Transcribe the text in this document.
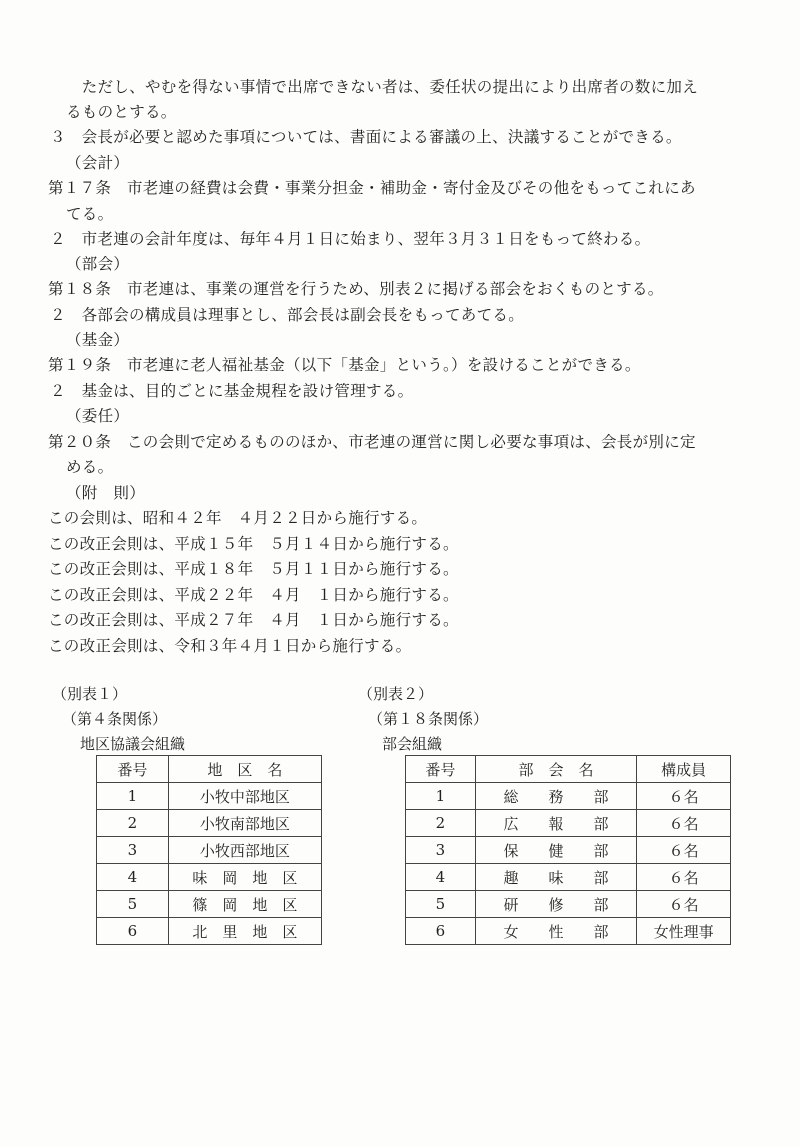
　ただし、やむを得ない事情で出席できない者は、委任状の提出により出席者の数に加え
るものとする。
３　会長が必要と認めた事項については、書面による審議の上、決議することができる。
（会計）
第１７条　市老連の経費は会費・事業分担金・補助金・寄付金及びその他をもってこれにあ
てる。
２　市老連の会計年度は、毎年４月１日に始まり、翌年３月３１日をもって終わる。
（部会）
第１８条　市老連は、事業の運営を行うため、別表２に掲げる部会をおくものとする。
２　各部会の構成員は理事とし、部会長は副会長をもってあてる。
（基金）
第１９条　市老連に老人福祉基金（以下「基金」という。）を設けることができる。
２　基金は、目的ごとに基金規程を設け管理する。
（委任）
第２０条　この会則で定めるもののほか、市老連の運営に関し必要な事項は、会長が別に定
める。
（附　則）
この会則は、昭和４２年　４月２２日から施行する。
この改正会則は、平成１５年　５月１４日から施行する。
この改正会則は、平成１８年　５月１１日から施行する。
この改正会則は、平成２２年　４月　１日から施行する。
この改正会則は、平成２７年　４月　１日から施行する。
この改正会則は、令和３年４月１日から施行する。
（別表１）
（第４条関係）
地区協議会組織
番号	地　区　名
1	小牧中部地区
2	小牧南部地区
3	小牧西部地区
4	味　岡　地　区
5	篠　岡　地　区
6	北　里　地　区
（別表２）
（第１８条関係）
部会組織
番号	部　会　名	構成員
1	総　　務　　部	６名
2	広　　報　　部	６名
3	保　　健　　部	６名
4	趣　　味　　部	６名
5	研　　修　　部	６名
6	女　　性　　部	女性理事
